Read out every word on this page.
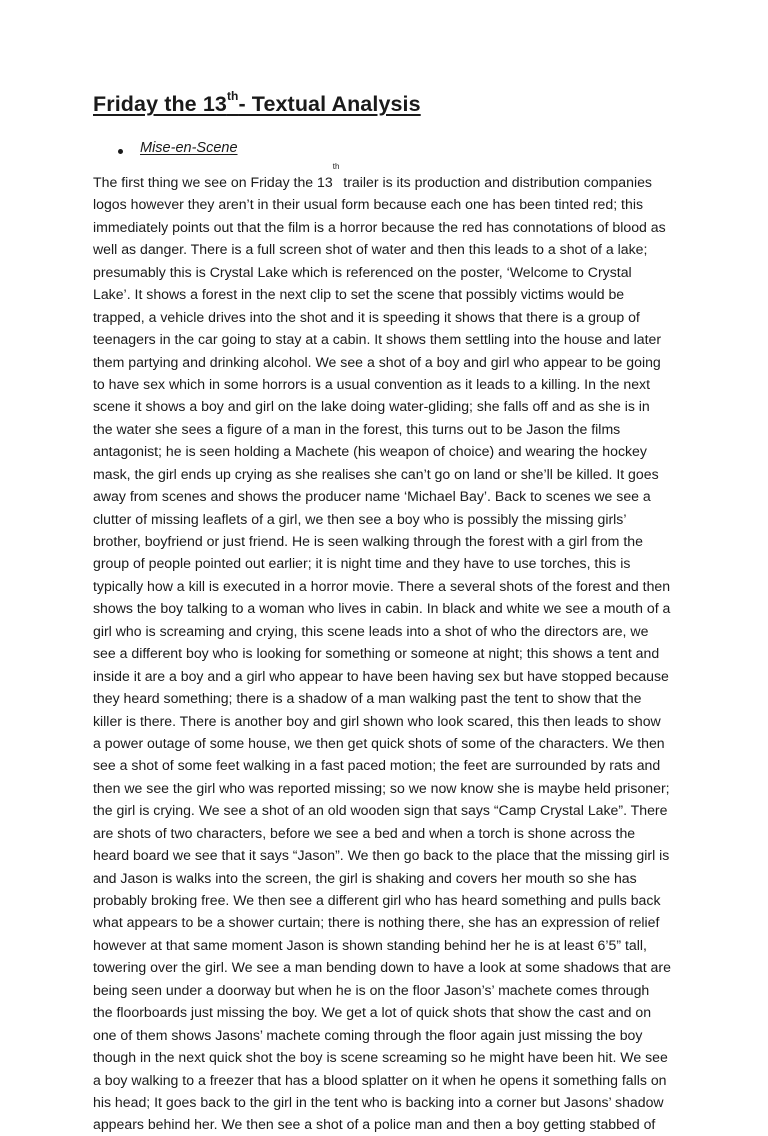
Friday the 13th- Textual Analysis
Mise-en-Scene
The first thing we see on Friday the 13th trailer is its production and distribution companies
logos however they aren’t in their usual form because each one has been tinted red; this
immediately points out that the film is a horror because the red has connotations of blood as
well as danger. There is a full screen shot of water and then this leads to a shot of a lake;
presumably this is Crystal Lake which is referenced on the poster, ‘Welcome to Crystal
Lake’. It shows a forest in the next clip to set the scene that possibly victims would be
trapped, a vehicle drives into the shot and it is speeding it shows that there is a group of
teenagers in the car going to stay at a cabin. It shows them settling into the house and later
them partying and drinking alcohol. We see a shot of a boy and girl who appear to be going
to have sex which in some horrors is a usual convention as it leads to a killing. In the next
scene it shows a boy and girl on the lake doing water-gliding; she falls off and as she is in
the water she sees a figure of a man in the forest, this turns out to be Jason the films
antagonist; he is seen holding a Machete (his weapon of choice) and wearing the hockey
mask, the girl ends up crying as she realises she can’t go on land or she’ll be killed. It goes
away from scenes and shows the producer name ‘Michael Bay’. Back to scenes we see a
clutter of missing leaflets of a girl, we then see a boy who is possibly the missing girls’
brother, boyfriend or just friend. He is seen walking through the forest with a girl from the
group of people pointed out earlier; it is night time and they have to use torches, this is
typically how a kill is executed in a horror movie. There a several shots of the forest and then
shows the boy talking to a woman who lives in cabin. In black and white we see a mouth of a
girl who is screaming and crying, this scene leads into a shot of who the directors are, we
see a different boy who is looking for something or someone at night; this shows a tent and
inside it are a boy and a girl who appear to have been having sex but have stopped because
they heard something; there is a shadow of a man walking past the tent to show that the
killer is there. There is another boy and girl shown who look scared, this then leads to show
a power outage of some house, we then get quick shots of some of the characters. We then
see a shot of some feet walking in a fast paced motion; the feet are surrounded by rats and
then we see the girl who was reported missing; so we now know she is maybe held prisoner;
the girl is crying. We see a shot of an old wooden sign that says “Camp Crystal Lake”. There
are shots of two characters, before we see a bed and when a torch is shone across the
heard board we see that it says “Jason”. We then go back to the place that the missing girl is
and Jason is walks into the screen, the girl is shaking and covers her mouth so she has
probably broking free. We then see a different girl who has heard something and pulls back
what appears to be a shower curtain; there is nothing there, she has an expression of relief
however at that same moment Jason is shown standing behind her he is at least 6’5” tall,
towering over the girl. We see a man bending down to have a look at some shadows that are
being seen under a doorway but when he is on the floor Jason’s’ machete comes through
the floorboards just missing the boy. We get a lot of quick shots that show the cast and on
one of them shows Jasons’ machete coming through the floor again just missing the boy
though in the next quick shot the boy is scene screaming so he might have been hit. We see
a boy walking to a freezer that has a blood splatter on it when he opens it something falls on
his head; It goes back to the girl in the tent who is backing into a corner but Jasons’ shadow
appears behind her. We then see a shot of a police man and then a boy getting stabbed of
